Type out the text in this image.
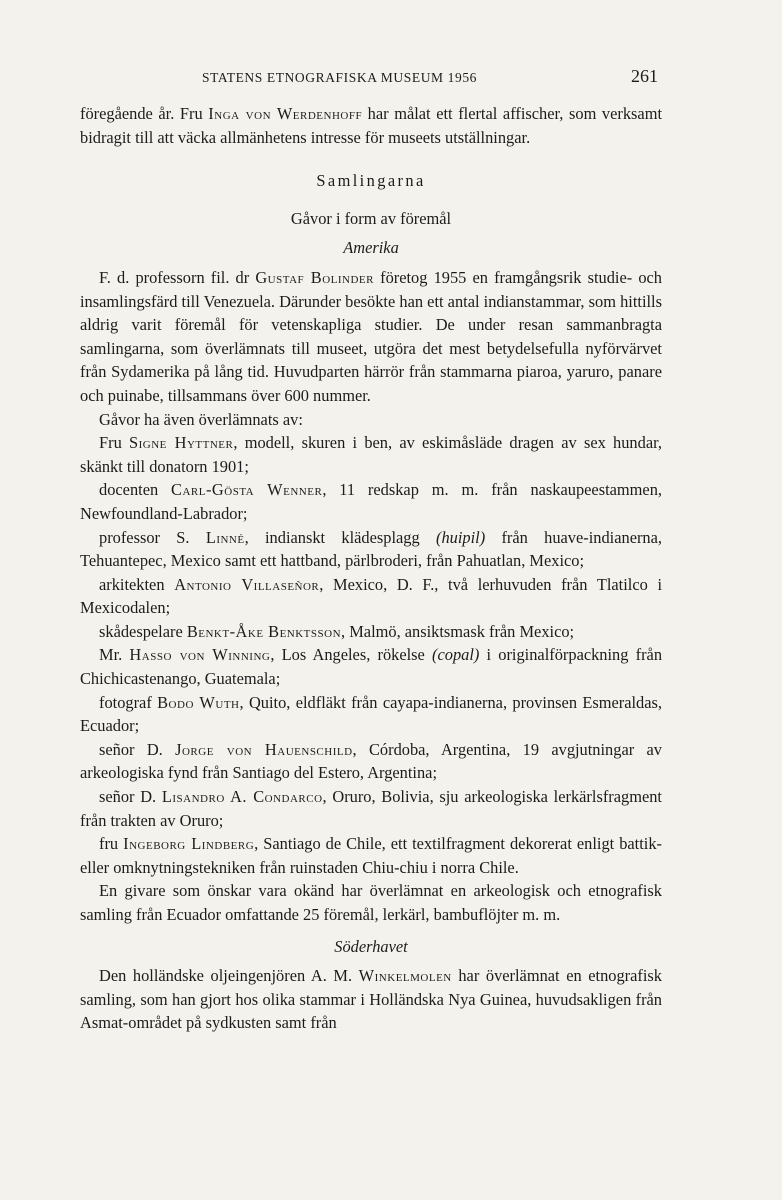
STATENS ETNOGRAFISKA MUSEUM 1956	261

föregående år. Fru Inga von Werdenhoff har målat ett flertal affischer, som verksamt bidragit till att väcka allmänhetens intresse för museets utställningar.

Samlingarna
Gåvor i form av föremål
Amerika

F. d. professorn fil. dr Gustaf Bolinder företog 1955 en framgångsrik studie- och insamlingsfärd till Venezuela. Därunder besökte han ett antal indianstammar, som hittills aldrig varit föremål för vetenskapliga studier. De under resan sammanbragta samlingarna, som överlämnats till museet, utgöra det mest betydelsefulla nyförvärvet från Sydamerika på lång tid. Huvudparten härrör från stammarna piaroa, yaruro, panare och puinabe, tillsammans över 600 nummer.

Gåvor ha även överlämnats av:

Fru Signe Hyttner, modell, skuren i ben, av eskimåsläde dragen av sex hundar, skänkt till donatorn 1901;

docenten Carl-Gösta Wenner, 11 redskap m. m. från naskaupeestammen, Newfoundland-Labrador;

professor S. Linné, indianskt klädesplagg (huipil) från huave-indianerna, Tehuantepec, Mexico samt ett hattband, pärlbroderi, från Pahuatlan, Mexico;

arkitekten Antonio Villaseñor, Mexico, D. F., två lerhuvuden från Tlatilco i Mexicodalen;

skådespelare Benkt-Åke Benktsson, Malmö, ansiktsmask från Mexico;

Mr. Hasso von Winning, Los Angeles, rökelse (copal) i originalförpackning från Chichicastenango, Guatemala;

fotograf Bodo Wuth, Quito, eldfläkt från cayapa-indianerna, provinsen Esmeraldas, Ecuador;

señor D. Jorge von Hauenschild, Córdoba, Argentina, 19 avgjutningar av arkeologiska fynd från Santiago del Estero, Argentina;

señor D. Lisandro A. Condarco, Oruro, Bolivia, sju arkeologiska lerkärlsfragment från trakten av Oruro;

fru Ingeborg Lindberg, Santiago de Chile, ett textilfragment dekorerat enligt battik- eller omknytningstekniken från ruinstaden Chiu-chiu i norra Chile.

En givare som önskar vara okänd har överlämnat en arkeologisk och etnografisk samling från Ecuador omfattande 25 föremål, lerkärl, bambuflöjter m. m.

Söderhavet

Den holländske oljeingenjören A. M. Winkelmolen har överlämnat en etnografisk samling, som han gjort hos olika stammar i Holländska Nya Guinea, huvudsakligen från Asmat-området på sydkusten samt från
